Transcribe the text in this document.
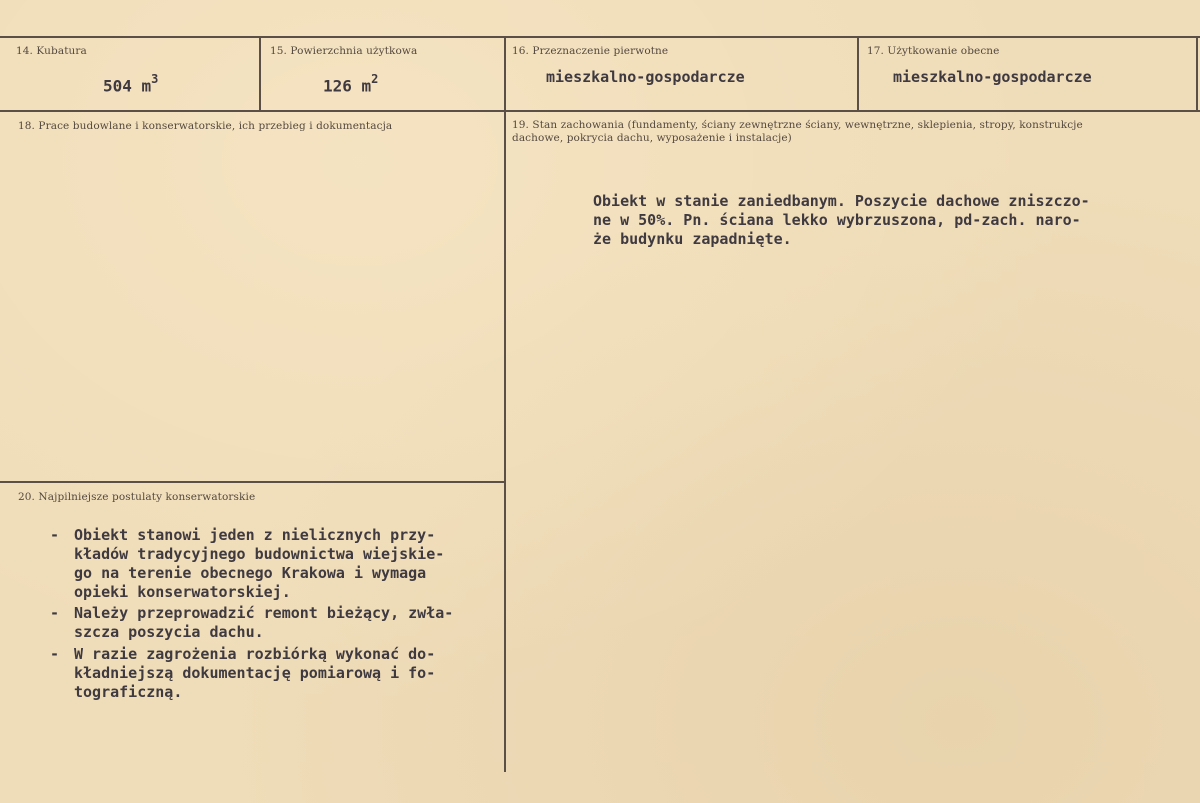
14. Kubatura
504 $m^3$
15. Powierzchnia użytkowa
126 $m^2$
16. Przeznaczenie pierwotne
mieszkalno-gospodarcze
17. Użytkowanie obecne
mieszkalno-gospodarcze
18. Prace budowlane i konserwatorskie, ich przebieg i dokumentacja	19. Stan zachowania (fundamenty, ściany zewnętrzne ściany, wewnętrzne, sklepienia, stropy, konstrukcje dachowe, pokrycia dachu, wyposażenie i instalacje)
Obiekt w stanie zaniedbanym. Poszycie dachowe zniszczo-
ne w 50%. Pn. ściana lekko wybrzuszona, pd-zach. naro-
że budynku zapadnięte.
20. Najpilniejsze postulaty konserwatorskie
- Obiekt stanowi jeden z nielicznych przy-
kładów tradycyjnego budownictwa wiejskie-
go na terenie obecnego Krakowa i wymaga
opieki konserwatorskiej.
- Należy przeprowadzić remont bieżący, zwła-
szcza poszycia dachu.
- W razie zagrożenia rozbiórką wykonać do-
kładniejszą dokumentację pomiarową i fo-
tograficzną.
